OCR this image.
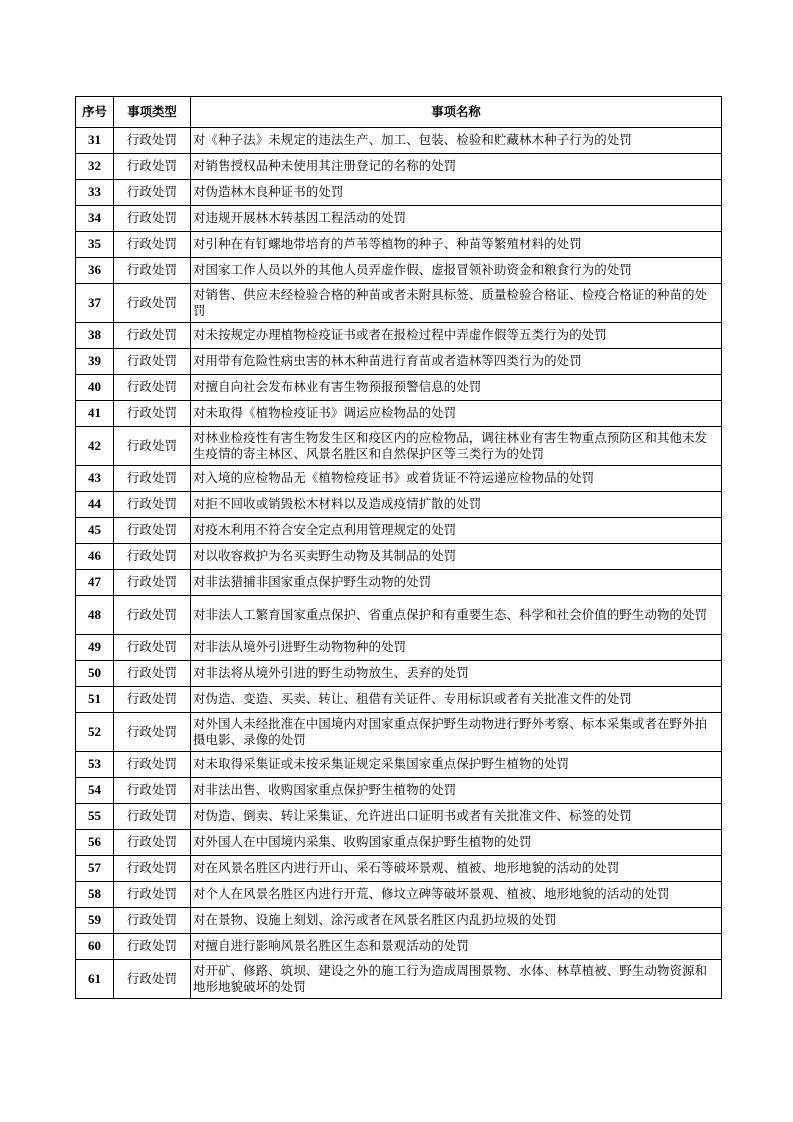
序号	事项类型	事项名称
31	行政处罚	对《种子法》未规定的违法生产、加工、包装、检验和贮藏林木种子行为的处罚
32	行政处罚	对销售授权品种未使用其注册登记的名称的处罚
33	行政处罚	对伪造林木良种证书的处罚
34	行政处罚	对违规开展林木转基因工程活动的处罚
35	行政处罚	对引种在有钉螺地带培育的芦苇等植物的种子、种苗等繁殖材料的处罚
36	行政处罚	对国家工作人员以外的其他人员弄虚作假、虚报冒领补助资金和粮食行为的处罚
37	行政处罚	对销售、供应未经检验合格的种苗或者未附具标签、质量检验合格证、检疫合格证的种苗的处罚
38	行政处罚	对未按规定办理植物检疫证书或者在报检过程中弄虚作假等五类行为的处罚
39	行政处罚	对用带有危险性病虫害的林木种苗进行育苗或者造林等四类行为的处罚
40	行政处罚	对擅自向社会发布林业有害生物预报预警信息的处罚
41	行政处罚	对未取得《植物检疫证书》调运应检物品的处罚
42	行政处罚	对林业检疫性有害生物发生区和疫区内的应检物品，调往林业有害生物重点预防区和其他未发生疫情的寄主林区、风景名胜区和自然保护区等三类行为的处罚
43	行政处罚	对入境的应检物品无《植物检疫证书》或着货证不符运递应检物品的处罚
44	行政处罚	对拒不回收或销毁松木材料以及造成疫情扩散的处罚
45	行政处罚	对疫木利用不符合安全定点利用管理规定的处罚
46	行政处罚	对以收容救护为名买卖野生动物及其制品的处罚
47	行政处罚	对非法猎捕非国家重点保护野生动物的处罚
48	行政处罚	对非法人工繁育国家重点保护、省重点保护和有重要生态、科学和社会价值的野生动物的处罚
49	行政处罚	对非法从境外引进野生动物物种的处罚
50	行政处罚	对非法将从境外引进的野生动物放生、丢弃的处罚
51	行政处罚	对伪造、变造、买卖、转让、租借有关证件、专用标识或者有关批准文件的处罚
52	行政处罚	对外国人未经批准在中国境内对国家重点保护野生动物进行野外考察、标本采集或者在野外拍摄电影、录像的处罚
53	行政处罚	对未取得采集证或未按采集证规定采集国家重点保护野生植物的处罚
54	行政处罚	对非法出售、收购国家重点保护野生植物的处罚
55	行政处罚	对伪造、倒卖、转让采集证、允许进出口证明书或者有关批准文件、标签的处罚
56	行政处罚	对外国人在中国境内采集、收购国家重点保护野生植物的处罚
57	行政处罚	对在风景名胜区内进行开山、采石等破坏景观、植被、地形地貌的活动的处罚
58	行政处罚	对个人在风景名胜区内进行开荒、修坟立碑等破坏景观、植被、地形地貌的活动的处罚
59	行政处罚	对在景物、设施上刻划、涂污或者在风景名胜区内乱扔垃圾的处罚
60	行政处罚	对擅自进行影响风景名胜区生态和景观活动的处罚
61	行政处罚	对开矿、修路、筑坝、建设之外的施工行为造成周围景物、水体、林草植被、野生动物资源和地形地貌破坏的处罚
